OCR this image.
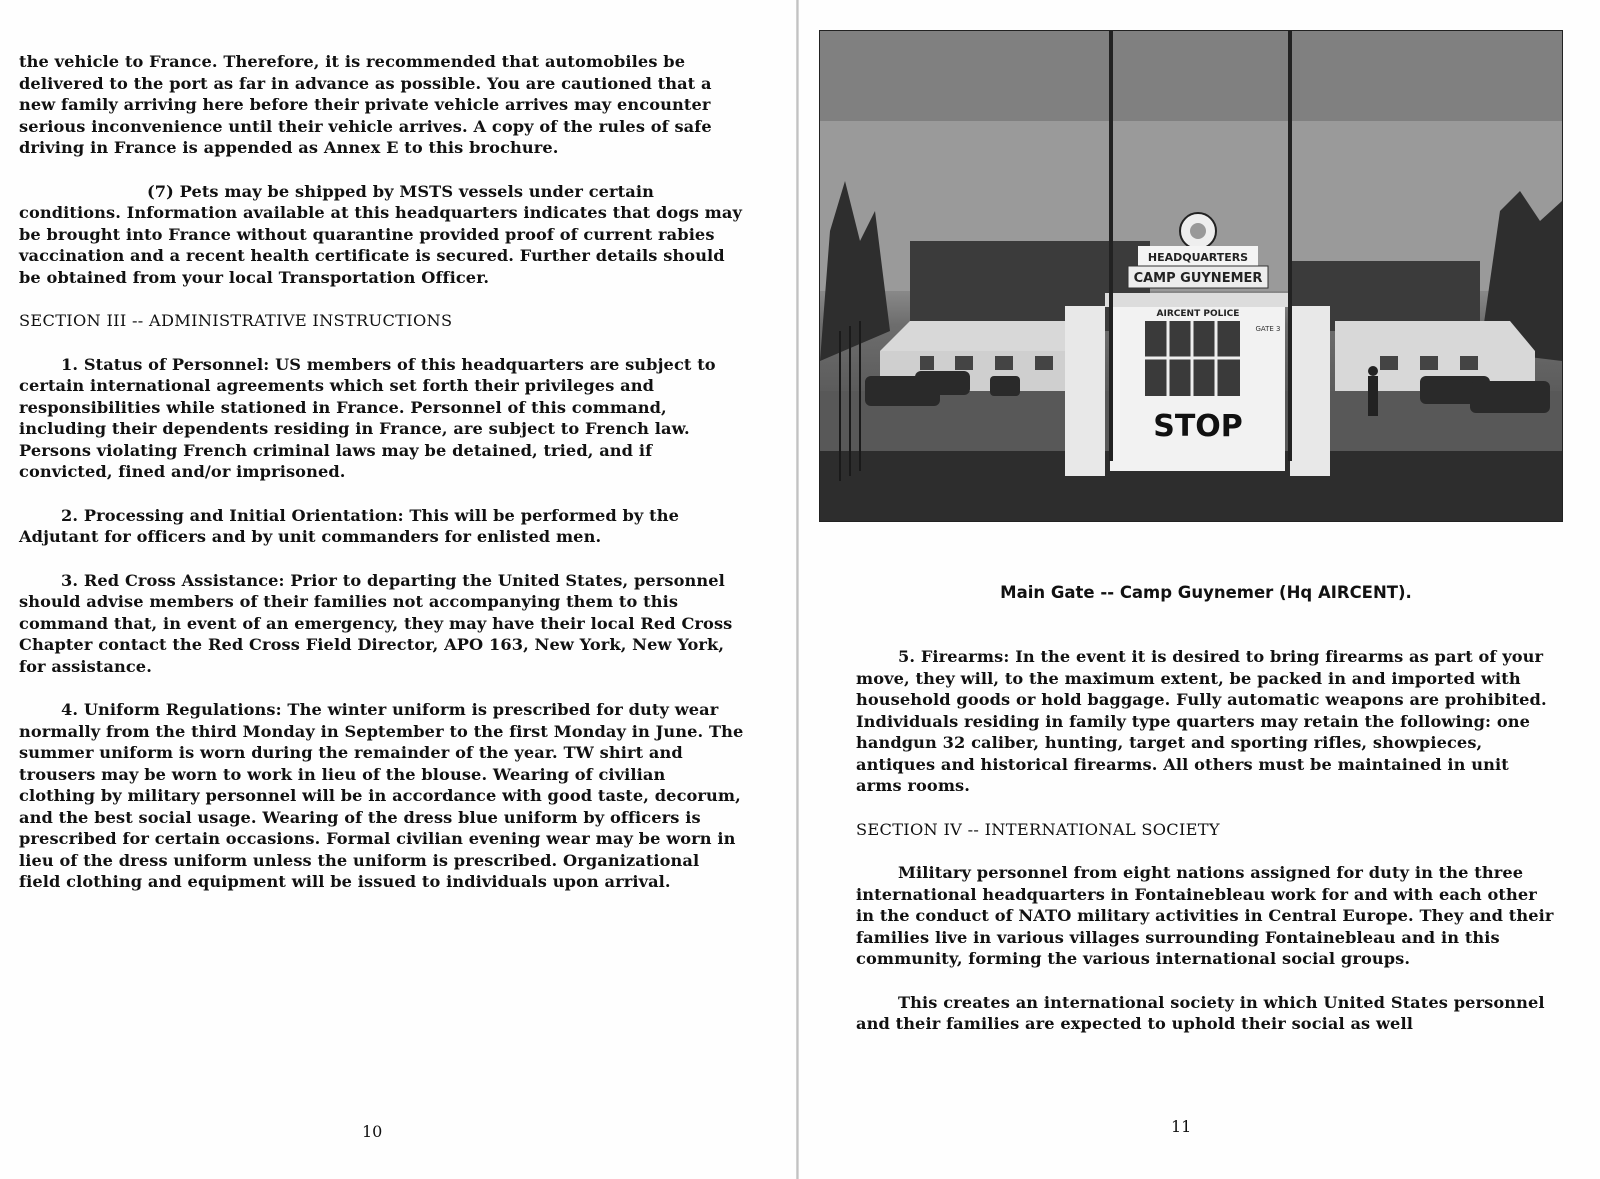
the vehicle to France. Therefore, it is recommended that automobiles be delivered to the port as far in advance as possible. You are cautioned that a new family arriving here before their private vehicle arrives may encounter serious inconvenience until their vehicle arrives. A copy of the rules of safe driving in France is appended as Annex E to this brochure.

(7) Pets may be shipped by MSTS vessels under certain conditions. Information available at this headquarters indicates that dogs may be brought into France without quarantine provided proof of current rabies vaccination and a recent health certificate is secured. Further details should be obtained from your local Transportation Officer.

SECTION III -- ADMINISTRATIVE INSTRUCTIONS

1. Status of Personnel: US members of this headquarters are subject to certain international agreements which set forth their privileges and responsibilities while stationed in France. Personnel of this command, including their dependents residing in France, are subject to French law. Persons violating French criminal laws may be detained, tried, and if convicted, fined and/or imprisoned.

2. Processing and Initial Orientation: This will be performed by the Adjutant for officers and by unit commanders for enlisted men.

3. Red Cross Assistance: Prior to departing the United States, personnel should advise members of their families not accompanying them to this command that, in event of an emergency, they may have their local Red Cross Chapter contact the Red Cross Field Director, APO 163, New York, New York, for assistance.

4. Uniform Regulations: The winter uniform is prescribed for duty wear normally from the third Monday in September to the first Monday in June. The summer uniform is worn during the remainder of the year. TW shirt and trousers may be worn to work in lieu of the blouse. Wearing of civilian clothing by military personnel will be in accordance with good taste, decorum, and the best social usage. Wearing of the dress blue uniform by officers is prescribed for certain occasions. Formal civilian evening wear may be worn in lieu of the dress uniform unless the uniform is prescribed. Organizational field clothing and equipment will be issued to individuals upon arrival.

10
HEADQUARTERS
CAMP GUYNEMER
AIRCENT POLICE
GATE 3
STOP
Main Gate -- Camp Guynemer (Hq AIRCENT).

5. Firearms: In the event it is desired to bring firearms as part of your move, they will, to the maximum extent, be packed in and imported with household goods or hold baggage. Fully automatic weapons are prohibited. Individuals residing in family type quarters may retain the following: one handgun 32 caliber, hunting, target and sporting rifles, showpieces, antiques and historical firearms. All others must be maintained in unit arms rooms.

SECTION IV -- INTERNATIONAL SOCIETY

Military personnel from eight nations assigned for duty in the three international headquarters in Fontainebleau work for and with each other in the conduct of NATO military activities in Central Europe. They and their families live in various villages surrounding Fontainebleau and in this community, forming the various international social groups.

This creates an international society in which United States personnel and their families are expected to uphold their social as well

11
